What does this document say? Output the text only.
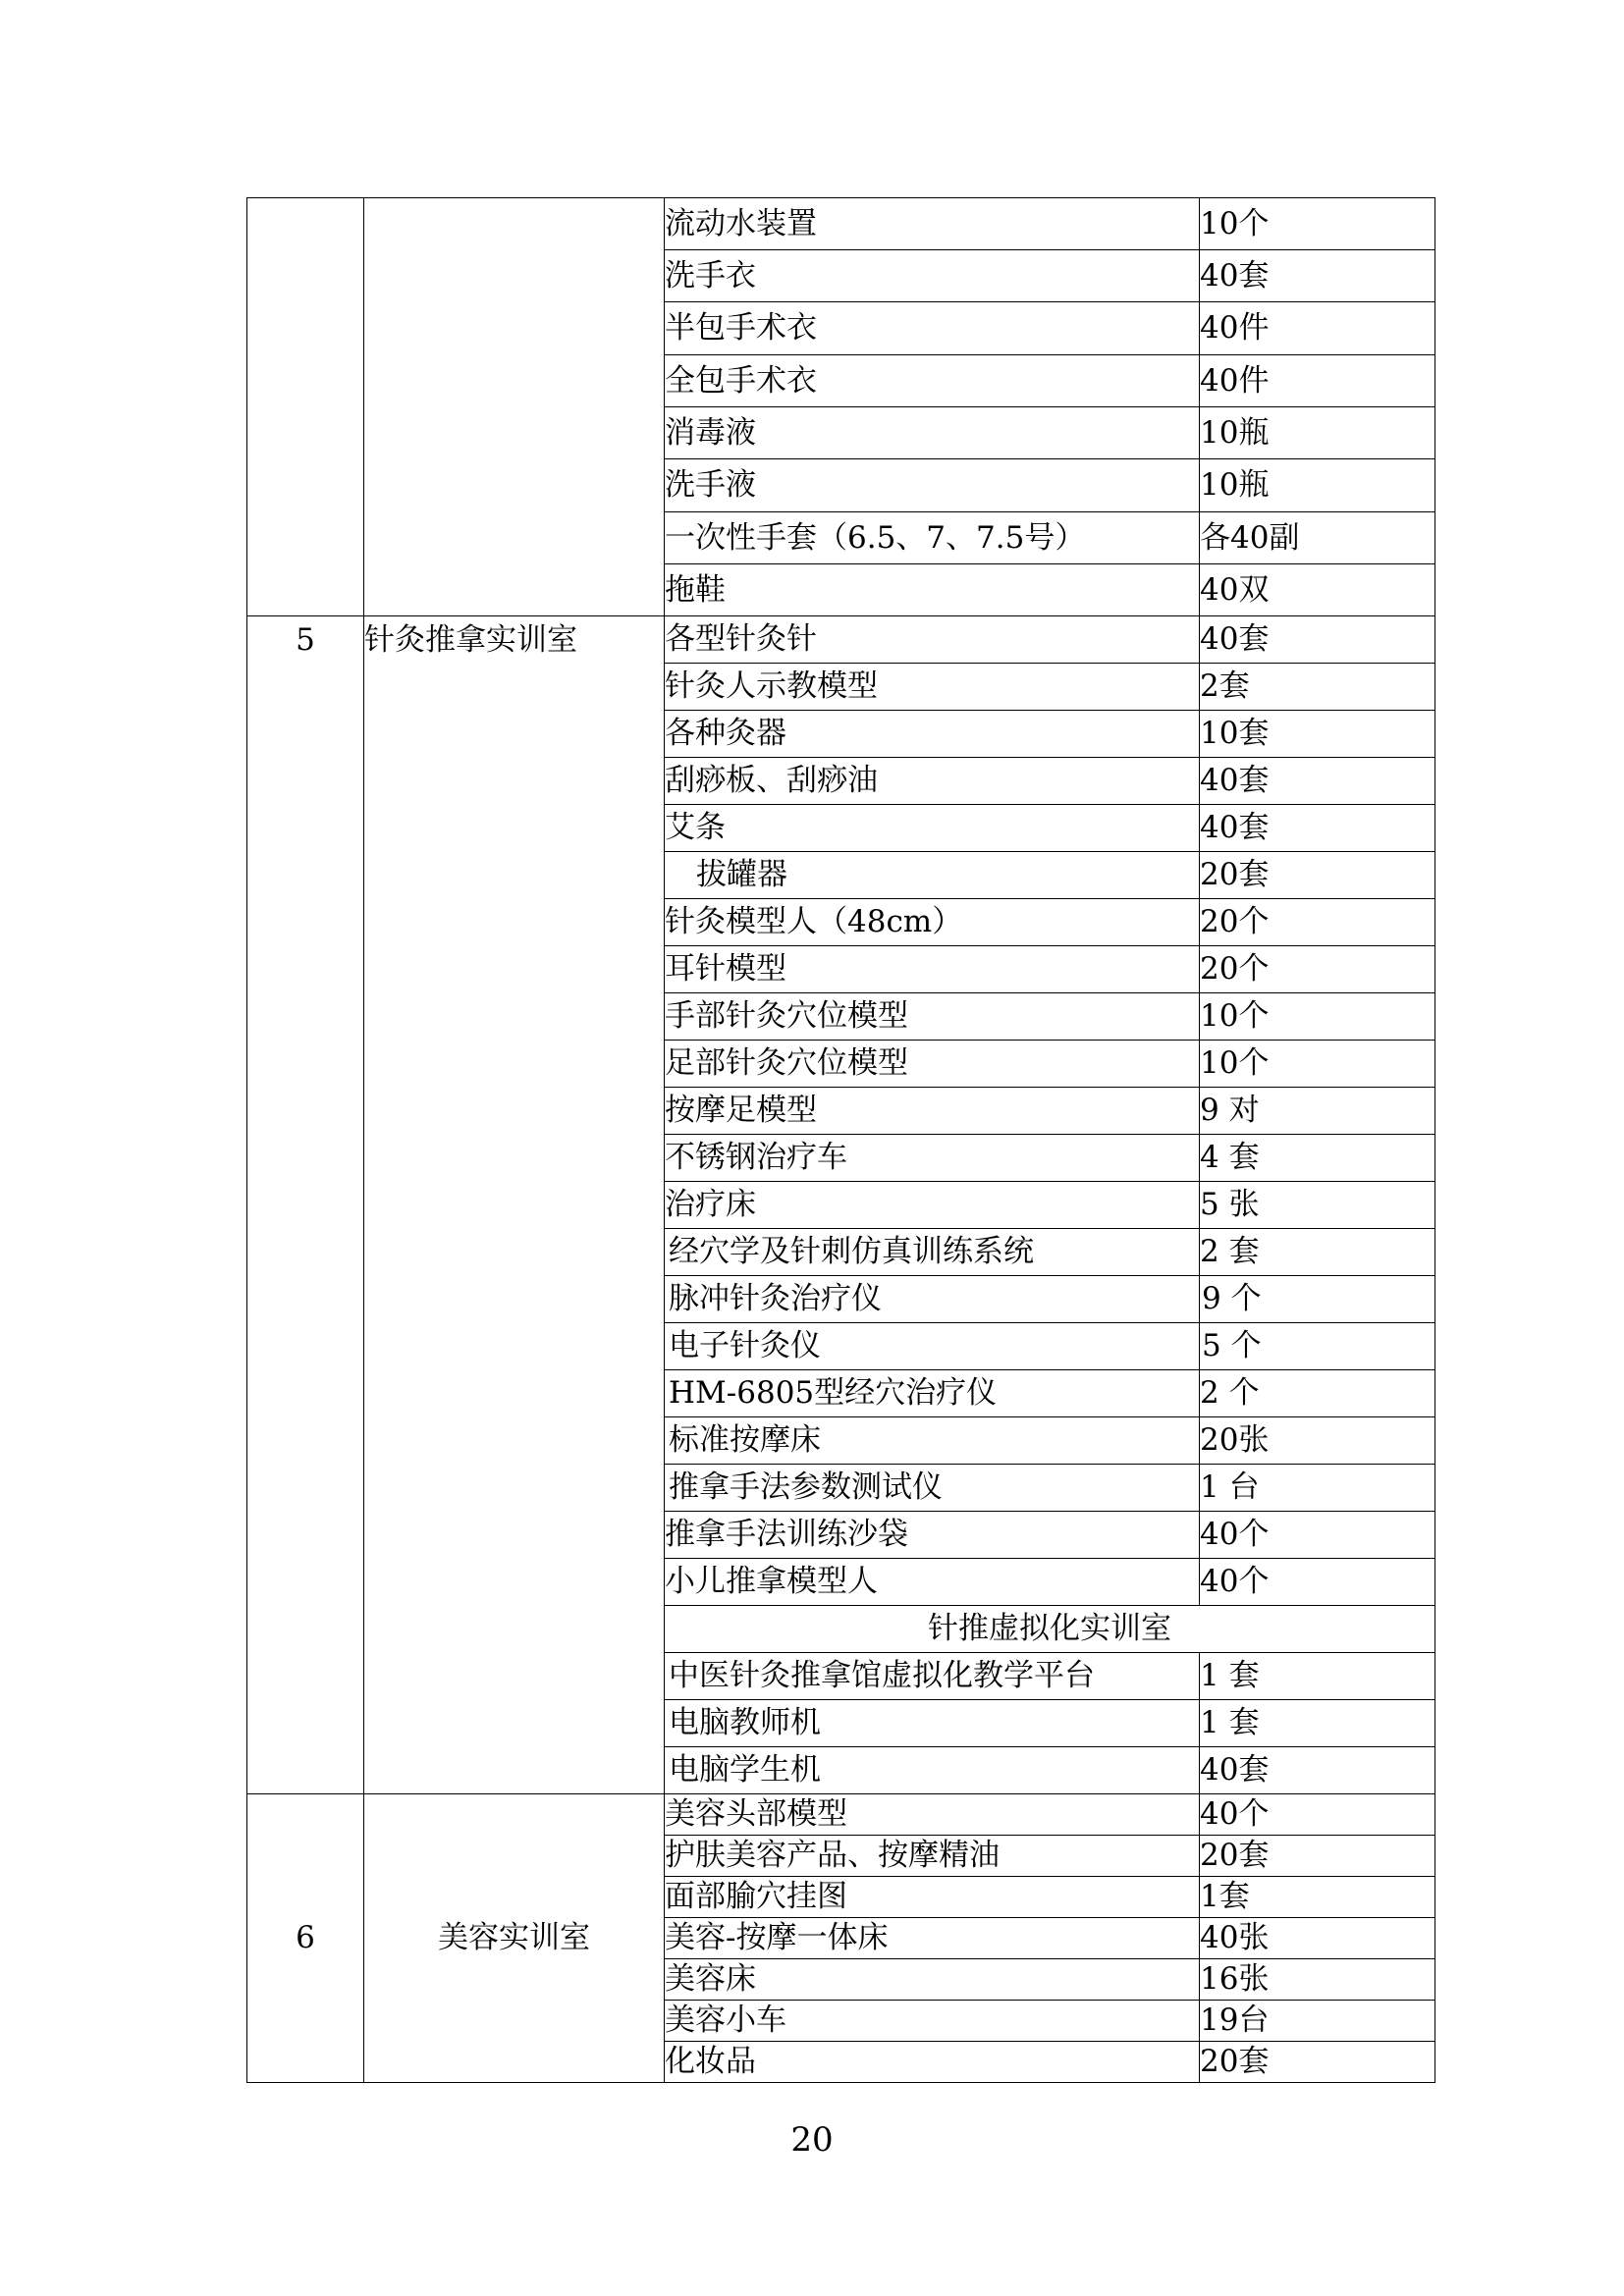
		流动水装置	10个
		洗手衣	40套
		半包手术衣	40件
		全包手术衣	40件
		消毒液	10瓶
		洗手液	10瓶
		一次性手套（6.5、7、7.5号）	各40副
		拖鞋	40双
5	针灸推拿实训室	各型针灸针	40套
		针灸人示教模型	2套
		各种灸器	10套
		刮痧板、刮痧油	40套
		艾条	40套
		拔罐器	20套
		针灸模型人（48cm）	20个
		耳针模型	20个
		手部针灸穴位模型	10个
		足部针灸穴位模型	10个
		按摩足模型	9 对
		不锈钢治疗车	4 套
		治疗床	5 张
		经穴学及针刺仿真训练系统	2 套
		脉冲针灸治疗仪	9 个
		电子针灸仪	5 个
		HM-6805型经穴治疗仪	2 个
		标准按摩床	20张
		推拿手法参数测试仪	1 台
		推拿手法训练沙袋	40个
		小儿推拿模型人	40个
		针推虚拟化实训室	
		中医针灸推拿馆虚拟化教学平台	1 套
		电脑教师机	1 套
		电脑学生机	40套
6	美容实训室	美容头部模型	40个
		护肤美容产品、按摩精油	20套
		面部腧穴挂图	1套
		美容-按摩一体床	40张
		美容床	16张
		美容小车	19台
		化妆品	20套
20
